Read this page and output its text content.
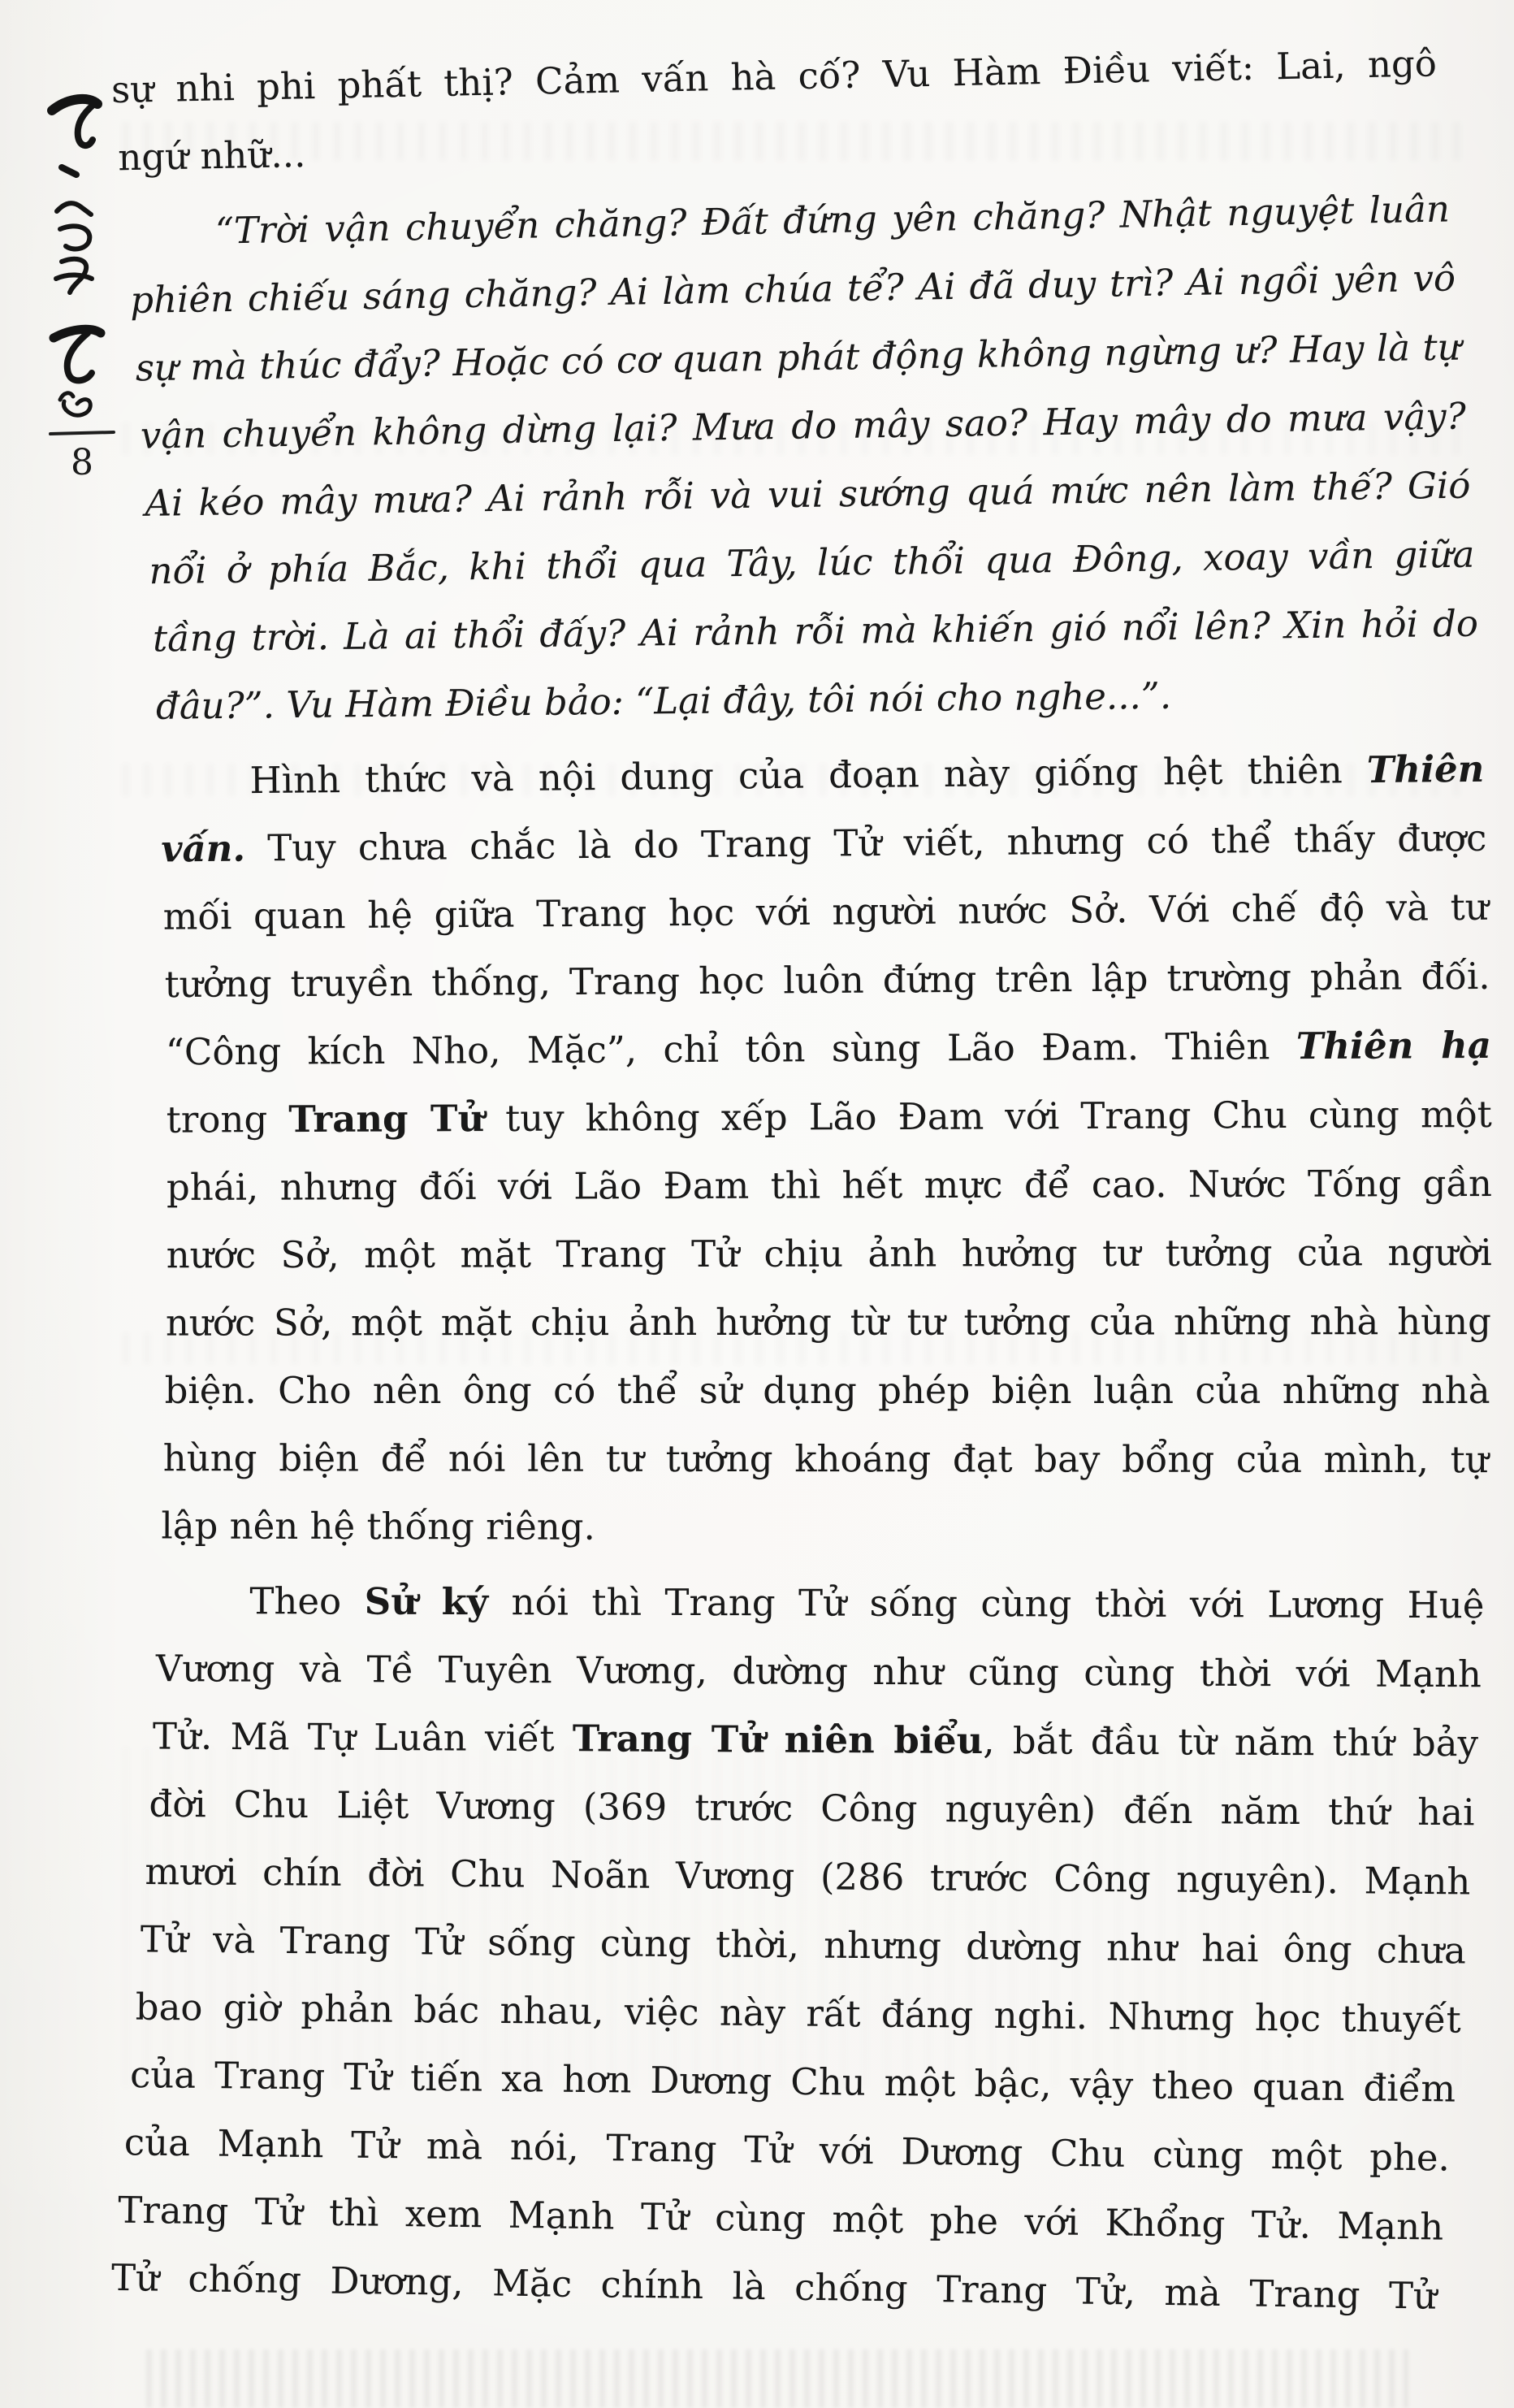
8
sự nhi phi phất thị? Cảm vấn hà cố? Vu Hàm Điều viết: Lai, ngô
ngứ nhữ...
“Trời vận chuyển chăng? Đất đứng yên chăng? Nhật nguyệt luân
phiên chiếu sáng chăng? Ai làm chúa tể? Ai đã duy trì? Ai ngồi yên vô
sự mà thúc đẩy? Hoặc có cơ quan phát động không ngừng ư? Hay là tự
vận chuyển không dừng lại? Mưa do mây sao? Hay mây do mưa vậy?
Ai kéo mây mưa? Ai rảnh rỗi và vui sướng quá mức nên làm thế? Gió
nổi ở phía Bắc, khi thổi qua Tây, lúc thổi qua Đông, xoay vần giữa
tầng trời. Là ai thổi đấy? Ai rảnh rỗi mà khiến gió nổi lên? Xin hỏi do
đâu?”. Vu Hàm Điều bảo: “Lại đây, tôi nói cho nghe...”.
Hình thức và nội dung của đoạn này giống hệt thiên Thiên
vấn. Tuy chưa chắc là do Trang Tử viết, nhưng có thể thấy được
mối quan hệ giữa Trang học với người nước Sở. Với chế độ và tư
tưởng truyền thống, Trang học luôn đứng trên lập trường phản đối.
“Công kích Nho, Mặc”, chỉ tôn sùng Lão Đam. Thiên Thiên hạ
trong Trang Tử tuy không xếp Lão Đam với Trang Chu cùng một
phái, nhưng đối với Lão Đam thì hết mực để cao. Nước Tống gần
nước Sở, một mặt Trang Tử chịu ảnh hưởng tư tưởng của người
nước Sở, một mặt chịu ảnh hưởng từ tư tưởng của những nhà hùng
biện. Cho nên ông có thể sử dụng phép biện luận của những nhà
hùng biện để nói lên tư tưởng khoáng đạt bay bổng của mình, tự
lập nên hệ thống riêng.
Theo Sử ký nói thì Trang Tử sống cùng thời với Lương Huệ
Vương và Tề Tuyên Vương, dường như cũng cùng thời với Mạnh
Tử. Mã Tự Luân viết Trang Tử niên biểu, bắt đầu từ năm thứ bảy
đời Chu Liệt Vương (369 trước Công nguyên) đến năm thứ hai
mươi chín đời Chu Noãn Vương (286 trước Công nguyên). Mạnh
Tử và Trang Tử sống cùng thời, nhưng dường như hai ông chưa
bao giờ phản bác nhau, việc này rất đáng nghi. Nhưng học thuyết
của Trang Tử tiến xa hơn Dương Chu một bậc, vậy theo quan điểm
của Mạnh Tử mà nói, Trang Tử với Dương Chu cùng một phe.
Trang Tử thì xem Mạnh Tử cùng một phe với Khổng Tử. Mạnh
Tử chống Dương, Mặc chính là chống Trang Tử, mà Trang Tử
